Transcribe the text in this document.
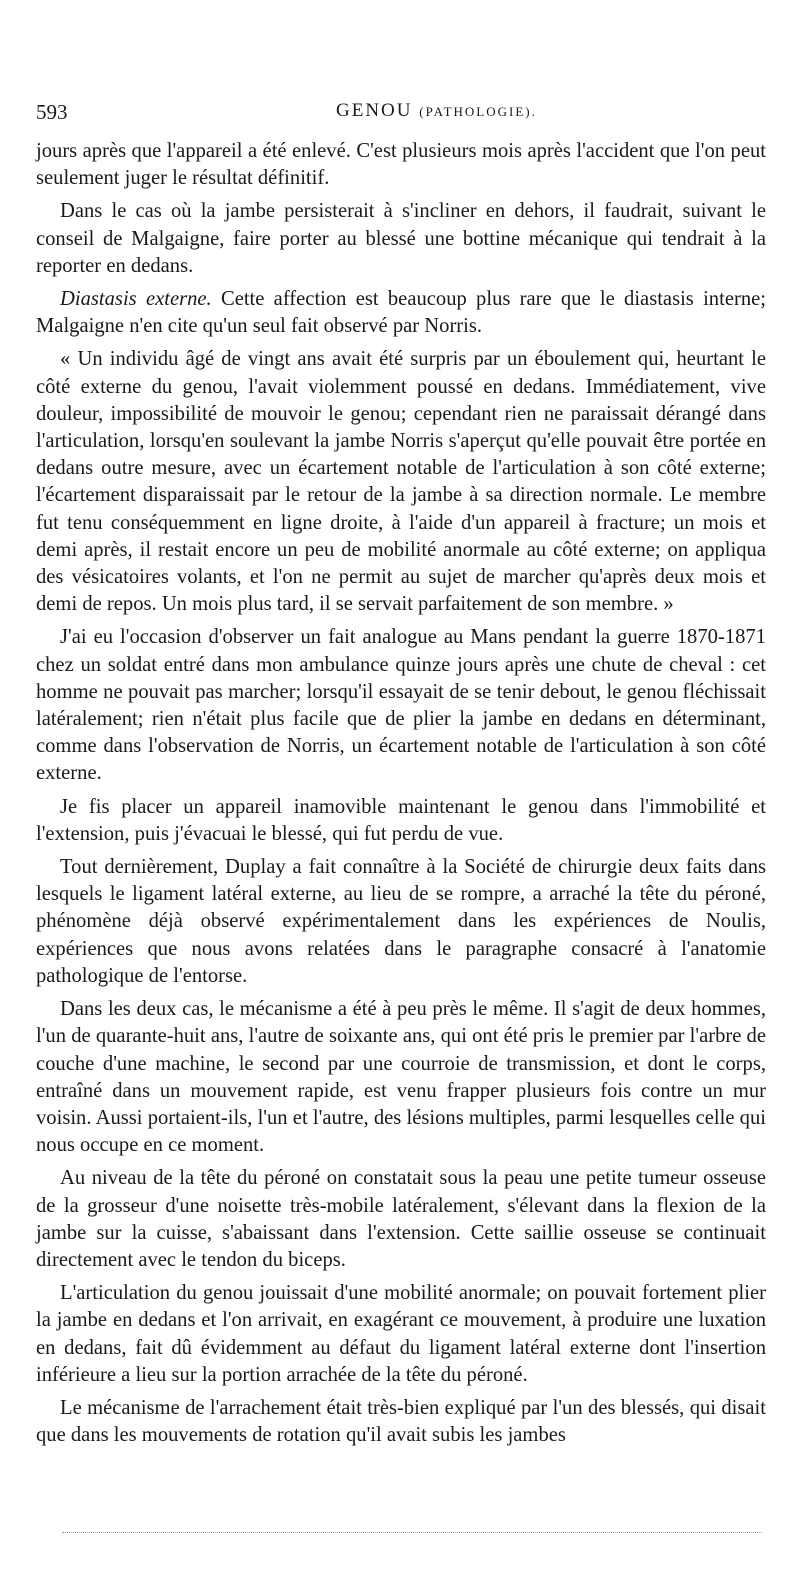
593	GENOU (PATHOLOGIE).

jours après que l'appareil a été enlevé. C'est plusieurs mois après l'accident que l'on peut seulement juger le résultat définitif.

Dans le cas où la jambe persisterait à s'incliner en dehors, il faudrait, suivant le conseil de Malgaigne, faire porter au blessé une bottine mécanique qui tendrait à la reporter en dedans.

Diastasis externe. Cette affection est beaucoup plus rare que le diastasis interne; Malgaigne n'en cite qu'un seul fait observé par Norris.

« Un individu âgé de vingt ans avait été surpris par un éboulement qui, heurtant le côté externe du genou, l'avait violemment poussé en dedans. Immédiatement, vive douleur, impossibilité de mouvoir le genou; cependant rien ne paraissait dérangé dans l'articulation, lorsqu'en soulevant la jambe Norris s'aperçut qu'elle pouvait être portée en dedans outre mesure, avec un écartement notable de l'articulation à son côté externe; l'écartement disparaissait par le retour de la jambe à sa direction normale. Le membre fut tenu conséquemment en ligne droite, à l'aide d'un appareil à fracture; un mois et demi après, il restait encore un peu de mobilité anormale au côté externe; on appliqua des vésicatoires volants, et l'on ne permit au sujet de marcher qu'après deux mois et demi de repos. Un mois plus tard, il se servait parfaitement de son membre. »

J'ai eu l'occasion d'observer un fait analogue au Mans pendant la guerre 1870-1871 chez un soldat entré dans mon ambulance quinze jours après une chute de cheval : cet homme ne pouvait pas marcher; lorsqu'il essayait de se tenir debout, le genou fléchissait latéralement; rien n'était plus facile que de plier la jambe en dedans en déterminant, comme dans l'observation de Norris, un écartement notable de l'articulation à son côté externe.

Je fis placer un appareil inamovible maintenant le genou dans l'immobilité et l'extension, puis j'évacuai le blessé, qui fut perdu de vue.

Tout dernièrement, Duplay a fait connaître à la Société de chirurgie deux faits dans lesquels le ligament latéral externe, au lieu de se rompre, a arraché la tête du péroné, phénomène déjà observé expérimentalement dans les expériences de Noulis, expériences que nous avons relatées dans le paragraphe consacré à l'anatomie pathologique de l'entorse.

Dans les deux cas, le mécanisme a été à peu près le même. Il s'agit de deux hommes, l'un de quarante-huit ans, l'autre de soixante ans, qui ont été pris le premier par l'arbre de couche d'une machine, le second par une courroie de transmission, et dont le corps, entraîné dans un mouvement rapide, est venu frapper plusieurs fois contre un mur voisin. Aussi portaient-ils, l'un et l'autre, des lésions multiples, parmi lesquelles celle qui nous occupe en ce moment.

Au niveau de la tête du péroné on constatait sous la peau une petite tumeur osseuse de la grosseur d'une noisette très-mobile latéralement, s'élevant dans la flexion de la jambe sur la cuisse, s'abaissant dans l'extension. Cette saillie osseuse se continuait directement avec le tendon du biceps.

L'articulation du genou jouissait d'une mobilité anormale; on pouvait fortement plier la jambe en dedans et l'on arrivait, en exagérant ce mouvement, à produire une luxation en dedans, fait dû évidemment au défaut du ligament latéral externe dont l'insertion inférieure a lieu sur la portion arrachée de la tête du péroné.

Le mécanisme de l'arrachement était très-bien expliqué par l'un des blessés, qui disait que dans les mouvements de rotation qu'il avait subis les jambes
